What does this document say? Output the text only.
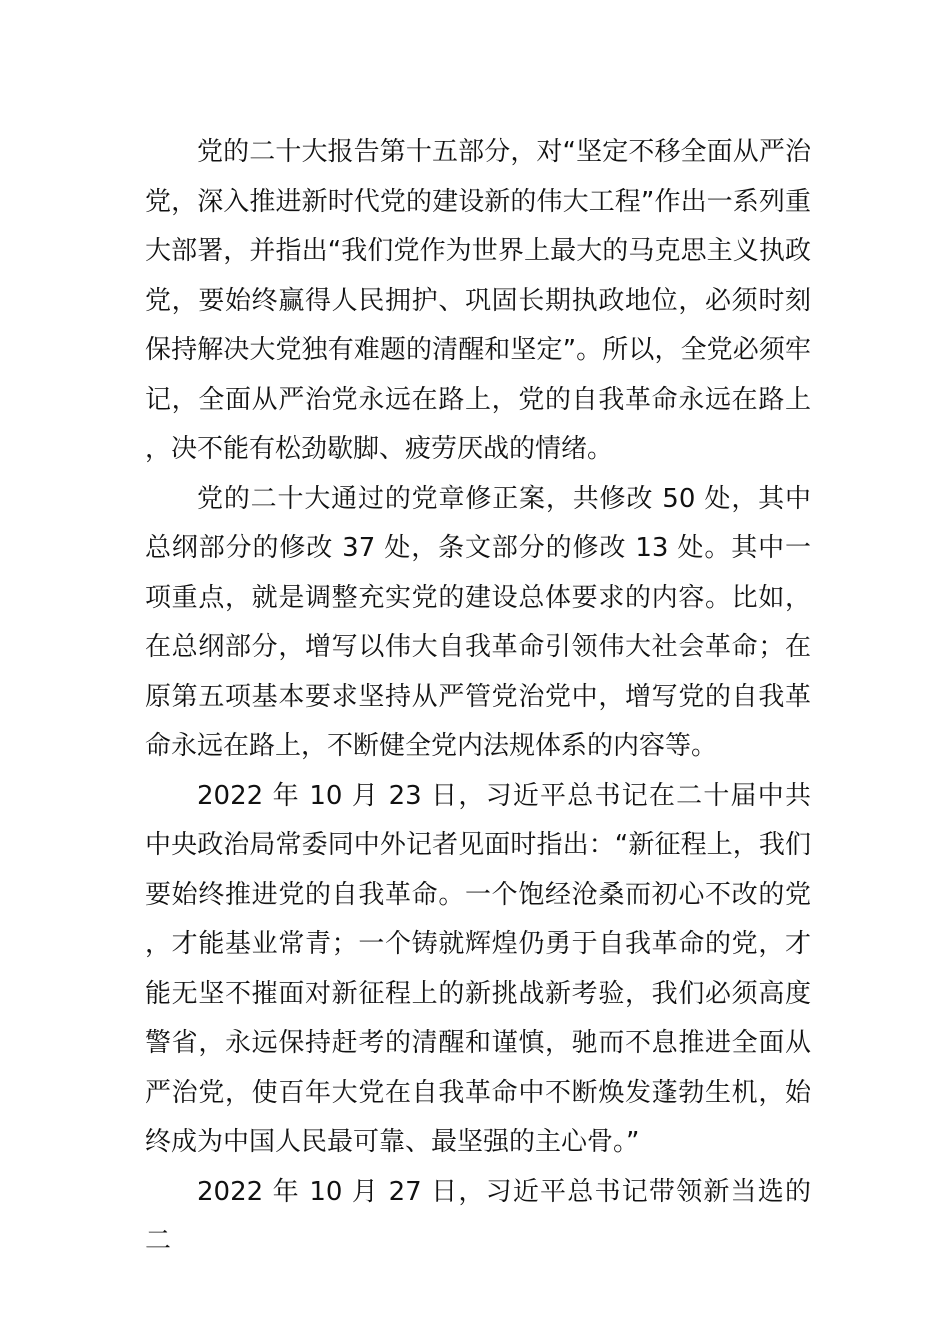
党的二十大报告第十五部分，对“坚定不移全面从严治党，深入推进新时代党的建设新的伟大工程”作出一系列重大部署，并指出“我们党作为世界上最大的马克思主义执政党，要始终赢得人民拥护、巩固长期执政地位，必须时刻保持解决大党独有难题的清醒和坚定”。所以，全党必须牢记，全面从严治党永远在路上，党的自我革命永远在路上，决不能有松劲歇脚、疲劳厌战的情绪。

党的二十大通过的党章修正案，共修改 50 处，其中总纲部分的修改 37 处，条文部分的修改 13 处。其中一项重点，就是调整充实党的建设总体要求的内容。比如，在总纲部分，增写以伟大自我革命引领伟大社会革命；在原第五项基本要求坚持从严管党治党中，增写党的自我革命永远在路上，不断健全党内法规体系的内容等。

2022 年 10 月 23 日，习近平总书记在二十届中共中央政治局常委同中外记者见面时指出：“新征程上，我们要始终推进党的自我革命。一个饱经沧桑而初心不改的党，才能基业常青；一个铸就辉煌仍勇于自我革命的党，才能无坚不摧面对新征程上的新挑战新考验，我们必须高度警省，永远保持赶考的清醒和谨慎，驰而不息推进全面从严治党，使百年大党在自我革命中不断焕发蓬勃生机，始终成为中国人民最可靠、最坚强的主心骨。”

2022 年 10 月 27 日，习近平总书记带领新当选的二
